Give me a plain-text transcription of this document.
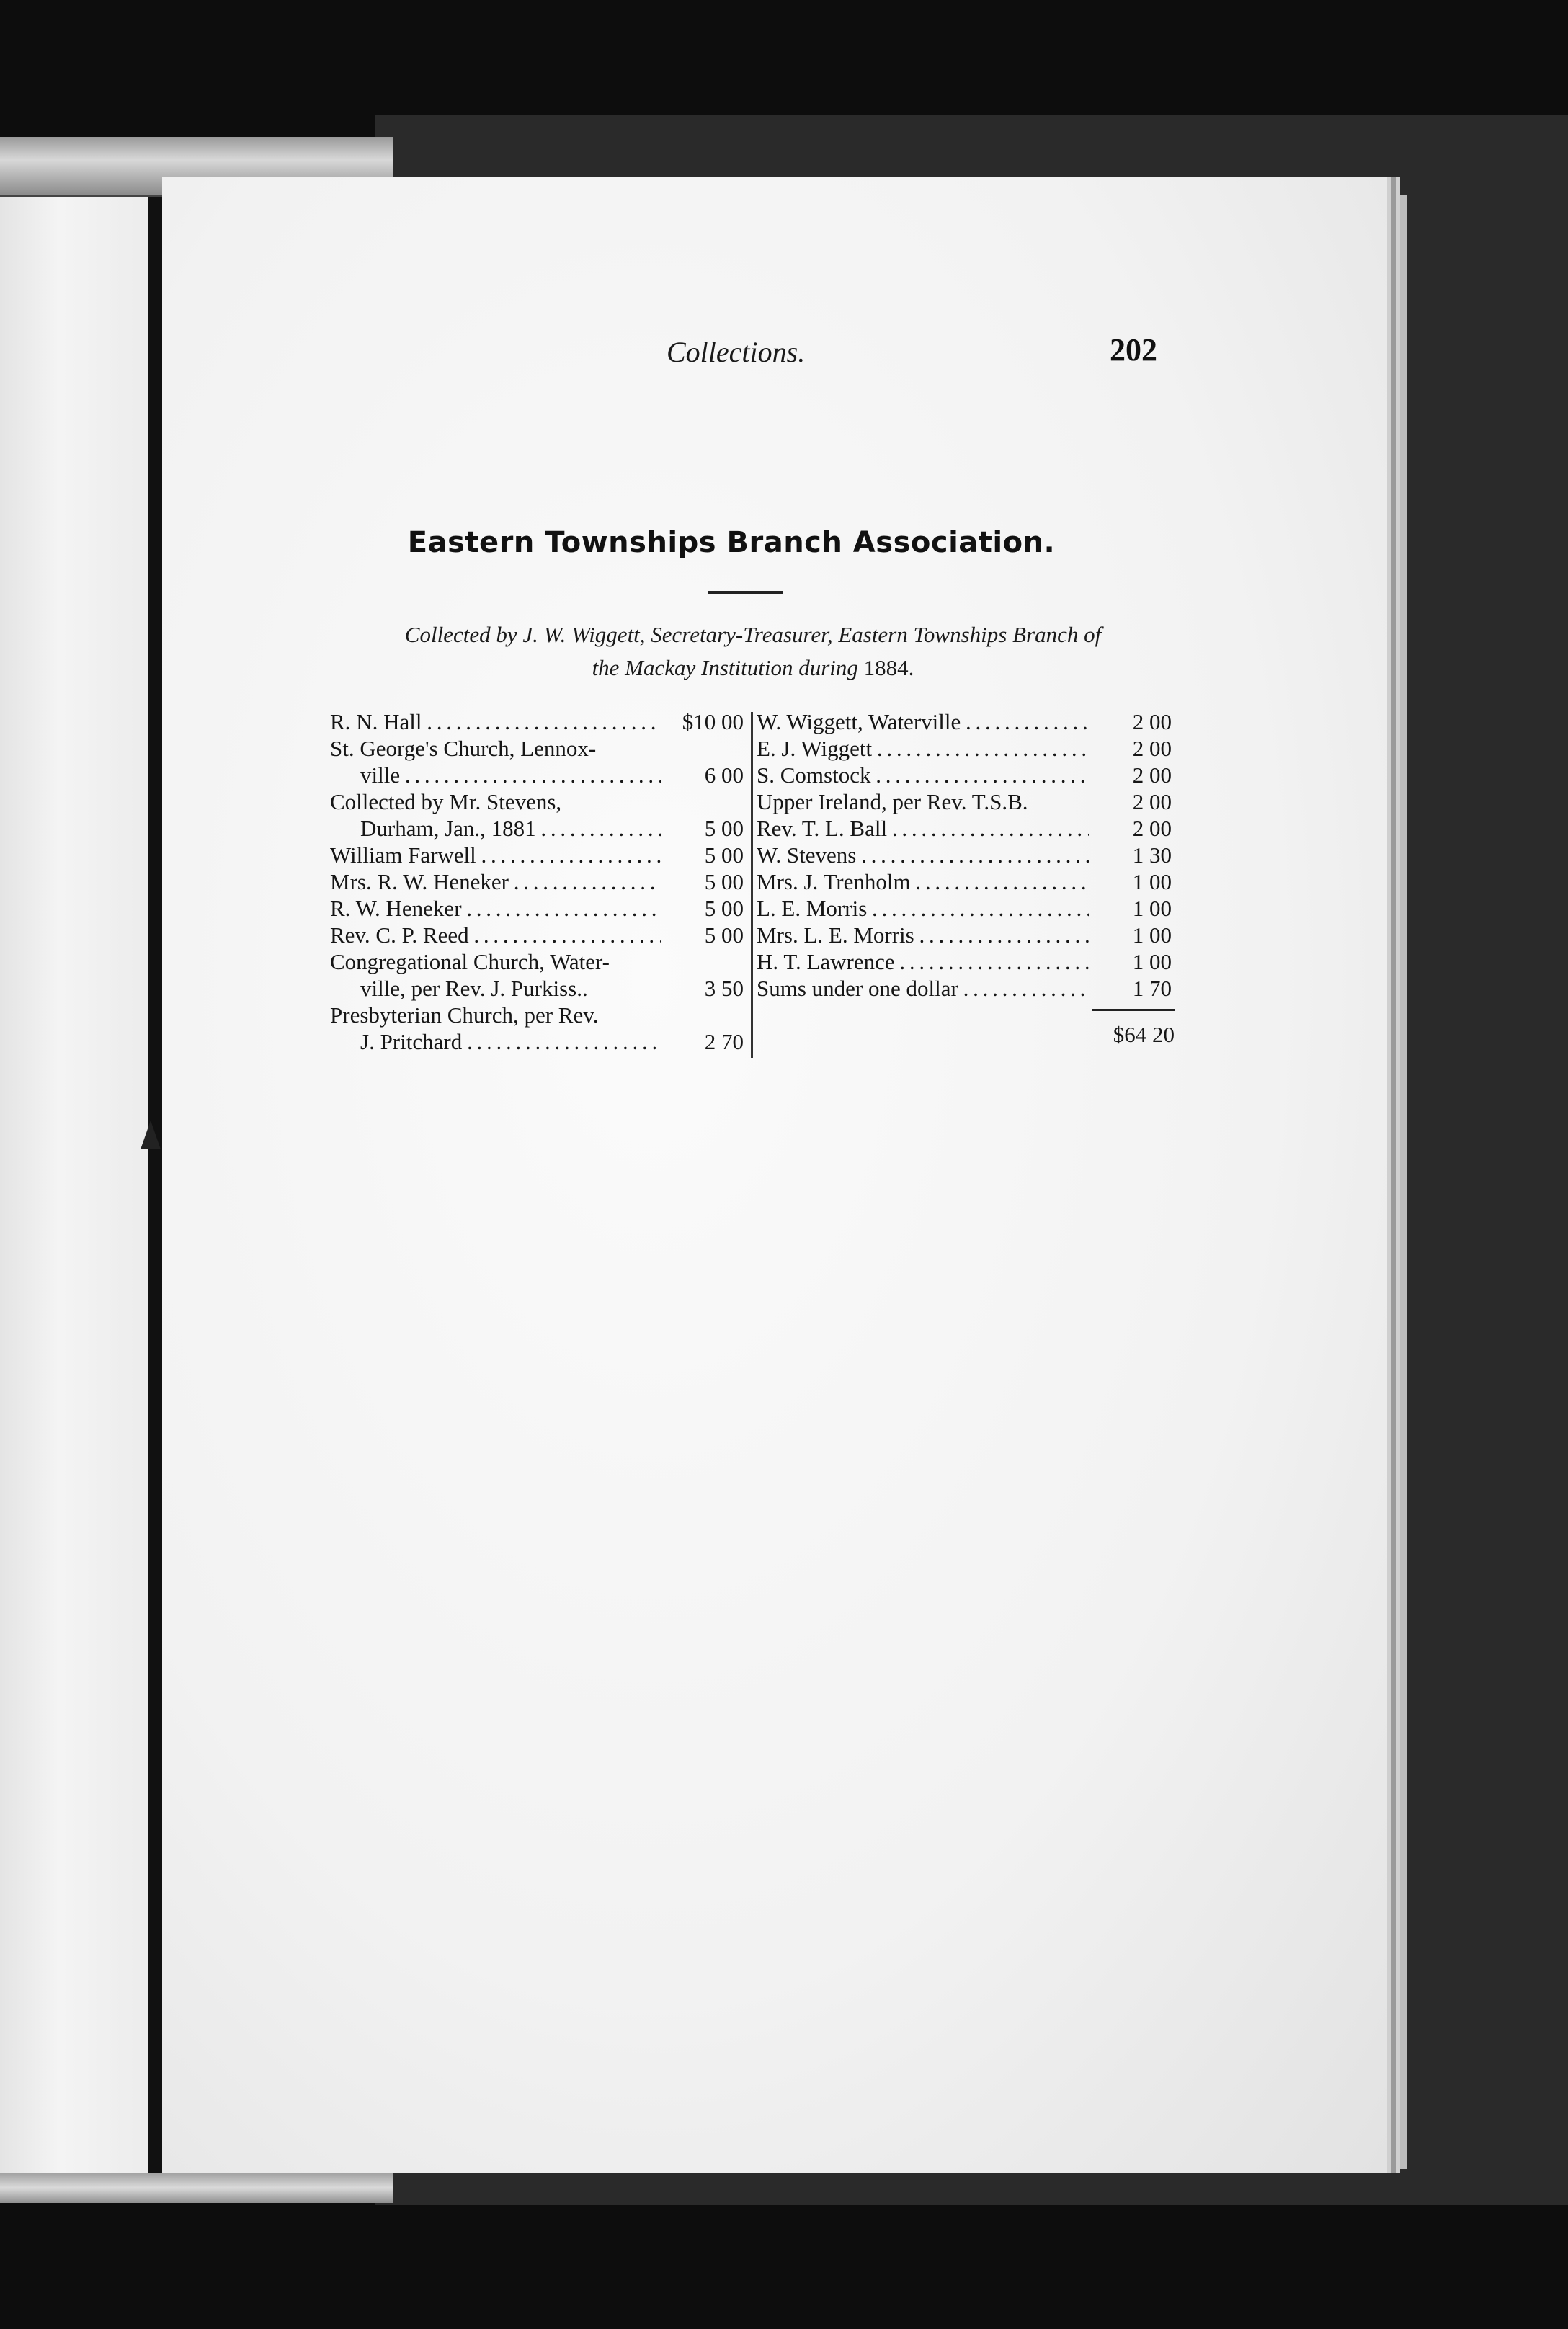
Collections.	202
Eastern Townships Branch Association.
Collected by J. W. Wiggett, Secretary-Treasurer, Eastern Townships Branch of
the Mackay Institution during 1884.
R. N. Hall . . .	$10 00
St. George's Church, Lennox-
ville . . .	6 00
Collected by Mr. Stevens,
Durham, Jan., 1881 . . .	5 00
William Farwell . . .	5 00
Mrs. R. W. Heneker . . .	5 00
R. W. Heneker . . .	5 00
Rev. C. P. Reed . . .	5 00
Congregational Church, Water-
ville, per Rev. J. Purkiss..	3 50
Presbyterian Church, per Rev.
J. Pritchard . . .	2 70
W. Wiggett, Waterville . . .	2 00
E. J. Wiggett . . .	2 00
S. Comstock . . .	2 00
Upper Ireland, per Rev. T.S.B.	2 00
Rev. T. L. Ball . . .	2 00
W. Stevens . . .	1 30
Mrs. J. Trenholm . . .	1 00
L. E. Morris . . .	1 00
Mrs. L. E. Morris . . .	1 00
H. T. Lawrence . . .	1 00
Sums under one dollar . . .	1 70
$64 20
